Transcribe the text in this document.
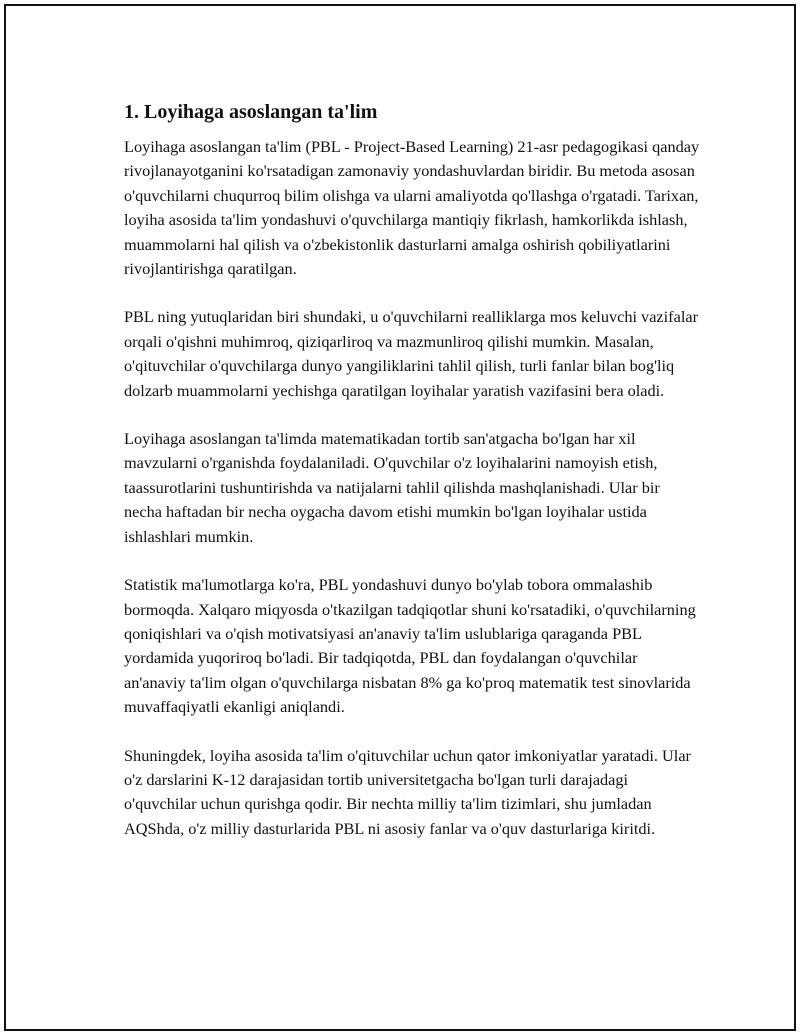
1. Loyihaga asoslangan ta'lim

Loyihaga asoslangan ta'lim (PBL - Project-Based Learning) 21-asr pedagogikasi qanday rivojlanayotganini ko'rsatadigan zamonaviy yondashuvlardan biridir. Bu metoda asosan o'quvchilarni chuqurroq bilim olishga va ularni amaliyotda qo'llashga o'rgatadi. Tarixan, loyiha asosida ta'lim yondashuvi o'quvchilarga mantiqiy fikrlash, hamkorlikda ishlash, muammolarni hal qilish va o'zbekistonlik dasturlarni amalga oshirish qobiliyatlarini rivojlantirishga qaratilgan.

PBL ning yutuqlaridan biri shundaki, u o'quvchilarni realliklarga mos keluvchi vazifalar orqali o'qishni muhimroq, qiziqarliroq va mazmunliroq qilishi mumkin. Masalan, o'qituvchilar o'quvchilarga dunyo yangiliklarini tahlil qilish, turli fanlar bilan bog'liq dolzarb muammolarni yechishga qaratilgan loyihalar yaratish vazifasini bera oladi.

Loyihaga asoslangan ta'limda matematikadan tortib san'atgacha bo'lgan har xil mavzularni o'rganishda foydalaniladi. O'quvchilar o'z loyihalarini namoyish etish, taassurotlarini tushuntirishda va natijalarni tahlil qilishda mashqlanishadi. Ular bir necha haftadan bir necha oygacha davom etishi mumkin bo'lgan loyihalar ustida ishlashlari mumkin.

Statistik ma'lumotlarga ko'ra, PBL yondashuvi dunyo bo'ylab tobora ommalashib bormoqda. Xalqaro miqyosda o'tkazilgan tadqiqotlar shuni ko'rsatadiki, o'quvchilarning qoniqishlari va o'qish motivatsiyasi an'anaviy ta'lim uslublariga qaraganda PBL yordamida yuqoriroq bo'ladi. Bir tadqiqotda, PBL dan foydalangan o'quvchilar an'anaviy ta'lim olgan o'quvchilarga nisbatan 8% ga ko'proq matematik test sinovlarida muvaffaqiyatli ekanligi aniqlandi.

Shuningdek, loyiha asosida ta'lim o'qituvchilar uchun qator imkoniyatlar yaratadi. Ular o'z darslarini K-12 darajasidan tortib universitetgacha bo'lgan turli darajadagi o'quvchilar uchun qurishga qodir. Bir nechta milliy ta'lim tizimlari, shu jumladan AQShda, o'z milliy dasturlarida PBL ni asosiy fanlar va o'quv dasturlariga kiritdi.
